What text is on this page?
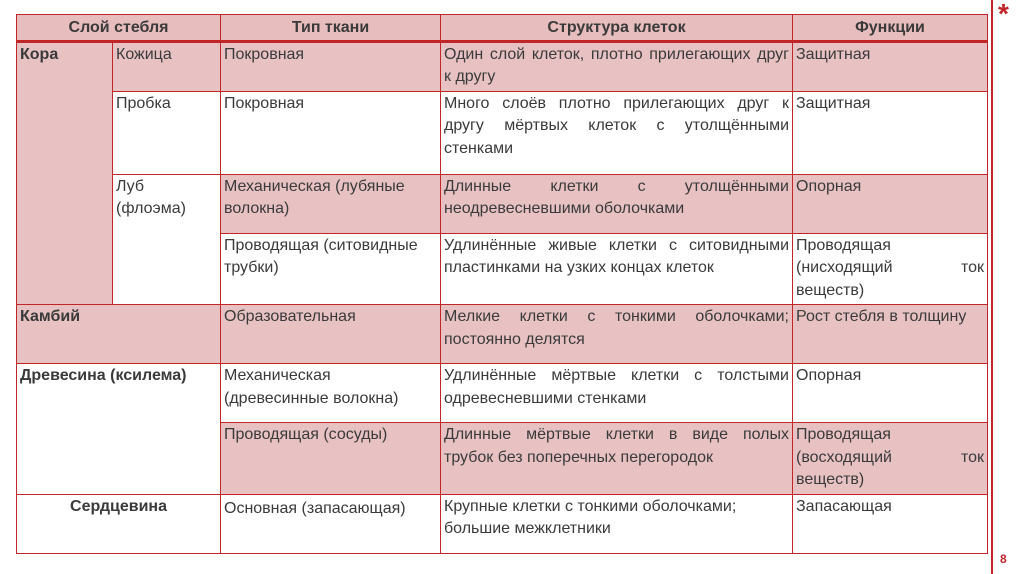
*
8
Слой стебля		Тип ткани	Структура клеток	Функции
Кора	Кожица	Покровная	Один слой клеток, плотно прилегающих друг к другу	Защитная
	Пробка	Покровная	Много слоёв плотно прилегающих друг к другу мёртвых клеток с утолщёнными стенками	Защитная
	Луб (флоэма)	Механическая (лубяные волокна)	Длинные клетки с утолщёнными неодревесневшими оболочками	Опорная
		Проводящая (ситовидные трубки)	Удлинённые живые клетки с ситовидными пластинками на узких концах клеток	Проводящая (нисходящий ток веществ)

Камбий		Образовательная	Мелкие клетки с тонкими оболочками; постоянно делятся	Рост стебля в толщину
Древесина (ксилема)		Механическая (древесинные волокна)	Удлинённые мёртвые клетки с толстыми одревесневшими стенками	Опорная
		Проводящая (сосуды)	Длинные мёртвые клетки в виде полых трубок без поперечных перегородок	Проводящая (восходящий ток веществ)
Сердцевина		Основная (запасающая)	Крупные клетки с тонкими оболочками; большие межклетники	Запасающая
